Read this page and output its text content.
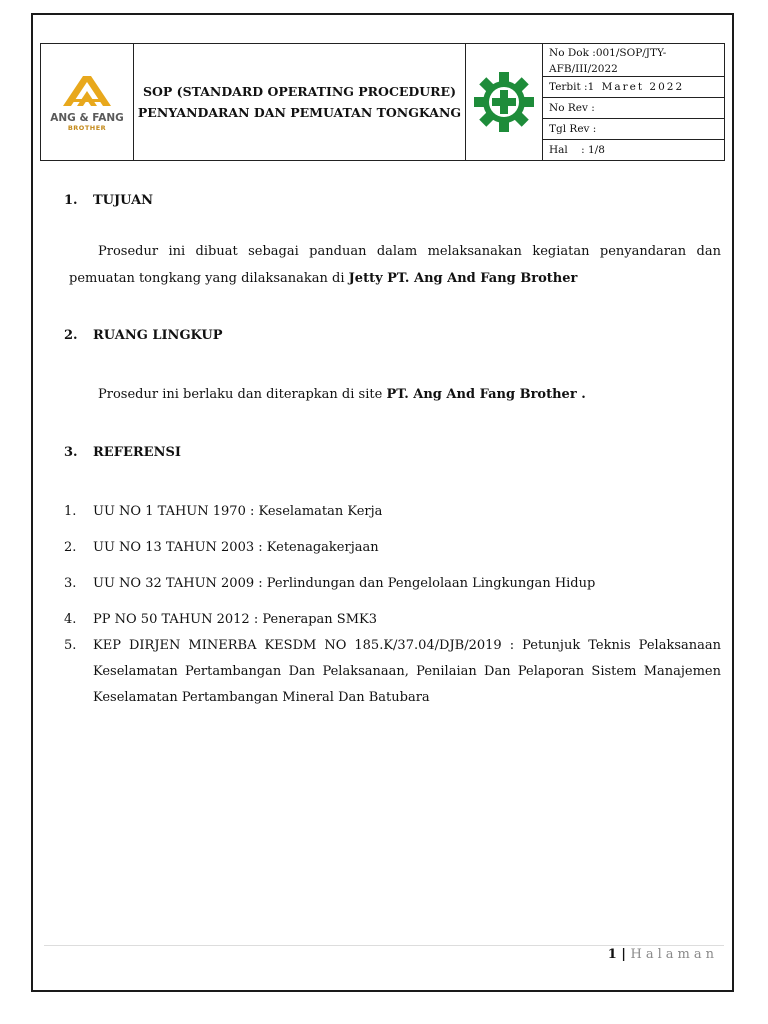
ANG & FANG
BROTHER
SOP (STANDARD OPERATING PROCEDURE)
PENYANDARAN DAN PEMUATAN TONGKANG
No Dok :001/SOP/JTY-AFB/III/2022
Terbit : 1 Maret 2022
No Rev :
Tgl Rev :
Hal    : 1/8
1. TUJUAN
Prosedur ini dibuat sebagai panduan dalam melaksanakan kegiatan penyandaran dan pemuatan tongkang yang dilaksanakan di Jetty PT. Ang And Fang Brother
2. RUANG LINGKUP
Prosedur ini berlaku dan diterapkan di site PT. Ang And Fang Brother .
3. REFERENSI
1.	UU NO 1 TAHUN 1970 : Keselamatan Kerja
2.	UU NO 13 TAHUN 2003 : Ketenagakerjaan
3.	UU NO 32 TAHUN 2009 : Perlindungan dan Pengelolaan Lingkungan Hidup
4.	PP NO 50 TAHUN 2012 : Penerapan SMK3
5.	KEP DIRJEN MINERBA KESDM NO 185.K/37.04/DJB/2019 : Petunjuk Teknis Pelaksanaan Keselamatan Pertambangan Dan Pelaksanaan, Penilaian Dan Pelaporan Sistem Manajemen Keselamatan Pertambangan Mineral Dan Batubara
1 | Halaman
